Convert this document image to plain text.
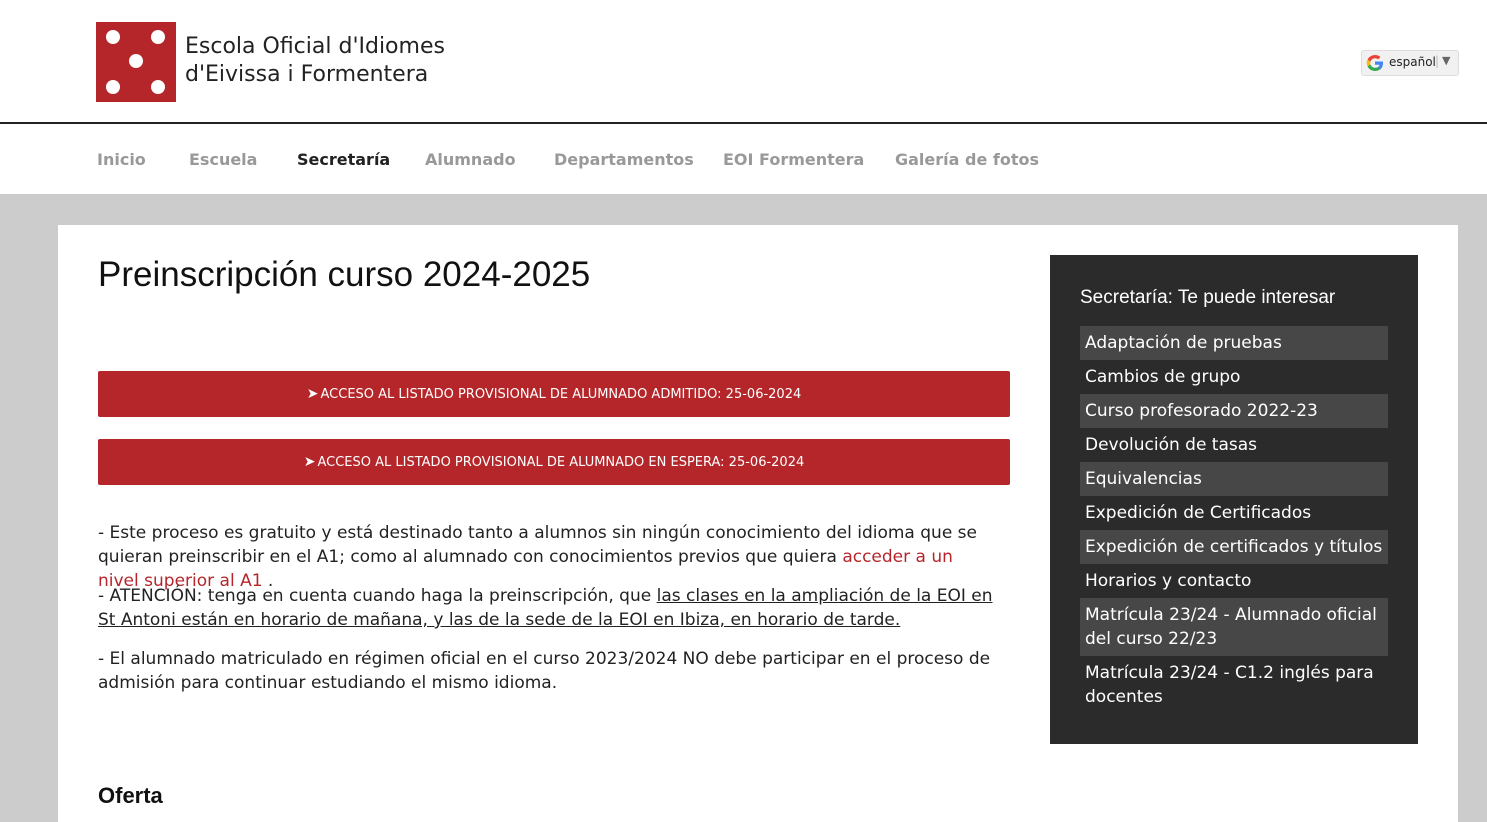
Escola Oficial d'Idiomes
d'Eivissa i Formentera	español | ▼
Inicio	Escuela Secretaría Alumnado Departamentos EOI Formentera Galería de fotos
Preinscripción curso 2024-2025
➤ ACCESO AL LISTADO PROVISIONAL DE ALUMNADO ADMITIDO: 25-06-2024
➤ ACCESO AL LISTADO PROVISIONAL DE ALUMNADO EN ESPERA: 25-06-2024

- Este proceso es gratuito y está destinado tanto a alumnos sin ningún conocimiento del idioma que se quieran preinscribir en el A1; como al alumnado con conocimientos previos que quiera acceder a un nivel superior al A1 .

- ATENCIÓN: tenga en cuenta cuando haga la preinscripción, que las clases en la ampliación de la EOI en St Antoni están en horario de mañana, y las de la sede de la EOI en Ibiza, en horario de tarde.

- El alumnado matriculado en régimen oficial en el curso 2023/2024 NO debe participar en el proceso de admisión para continuar estudiando el mismo idioma.

Oferta
Secretaría: Te puede interesar
Adaptación de pruebas
Cambios de grupo
Curso profesorado 2022-23
Devolución de tasas
Equivalencias
Expedición de Certificados
Expedición de certificados y títulos
Horarios y contacto
Matrícula 23/24 - Alumnado oficial del curso 22/23
Matrícula 23/24 - C1.2 inglés para docentes
